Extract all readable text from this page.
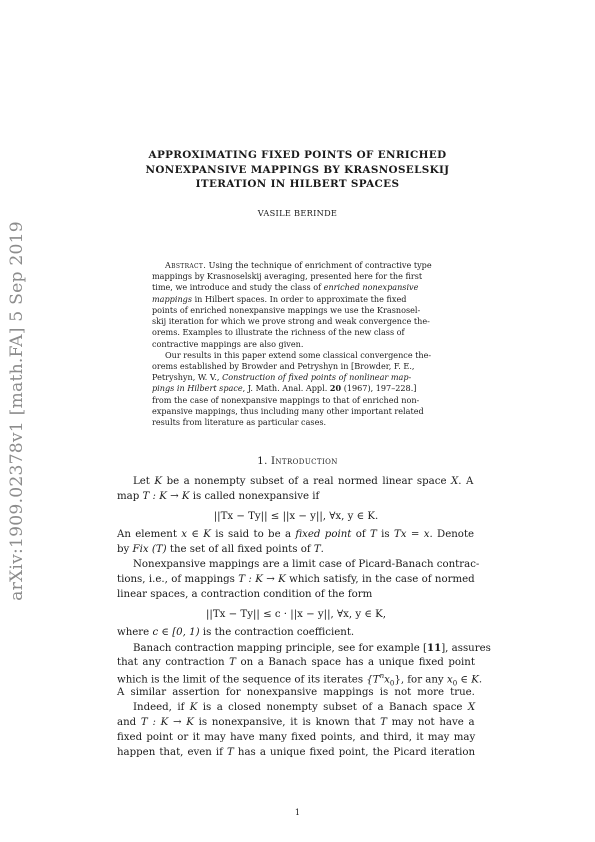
arXiv:1909.02378v1 [math.FA] 5 Sep 2019
APPROXIMATING FIXED POINTS OF ENRICHED
NONEXPANSIVE MAPPINGS BY KRASNOSELSKIJ
ITERATION IN HILBERT SPACES
VASILE BERINDE
Abstract. Using the technique of enrichment of contractive type
mappings by Krasnoselskij averaging, presented here for the first
time, we introduce and study the class of enriched nonexpansive
mappings in Hilbert spaces. In order to approximate the fixed
points of enriched nonexpansive mappings we use the Krasnosel-
skij iteration for which we prove strong and weak convergence the-
orems. Examples to illustrate the richness of the new class of
contractive mappings are also given.
Our results in this paper extend some classical convergence the-
orems established by Browder and Petryshyn in [Browder, F. E.,
Petryshyn, W. V., Construction of fixed points of nonlinear map-
pings in Hilbert space, J. Math. Anal. Appl. 20 (1967), 197–228.]
from the case of nonexpansive mappings to that of enriched non-
expansive mappings, thus including many other important related
results from literature as particular cases.
1. Introduction
Let K be a nonempty subset of a real normed linear space X. A
map T : K → K is called nonexpansive if
||Tx − Ty|| ≤ ||x − y||, ∀x, y ∈ K.
An element x ∈ K is said to be a fixed point of T is Tx = x. Denote
by Fix (T) the set of all fixed points of T.
Nonexpansive mappings are a limit case of Picard-Banach contrac-
tions, i.e., of mappings T : K → K which satisfy, in the case of normed
linear spaces, a contraction condition of the form
||Tx − Ty|| ≤ c · ||x − y||, ∀x, y ∈ K,
where c ∈ [0, 1) is the contraction coefficient.
Banach contraction mapping principle, see for example [11], assures
that any contraction T on a Banach space has a unique fixed point
which is the limit of the sequence of its iterates $\{T^nx_0\}$, for any $x_0$ ∈ K.
A similar assertion for nonexpansive mappings is not more true.
Indeed, if K is a closed nonempty subset of a Banach space X
and T : K → K is nonexpansive, it is known that T may not have a
fixed point or it may have many fixed points, and third, it may may
happen that, even if T has a unique fixed point, the Picard iteration
1
